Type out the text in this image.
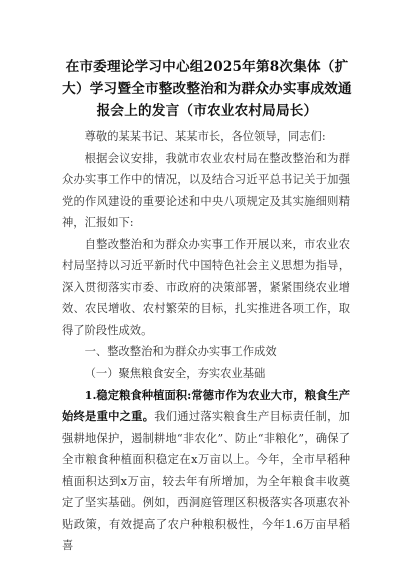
在市委理论学习中心组2025年第8次集体（扩大）学习暨全市整改整治和为群众办实事成效通报会上的发言（市农业农村局局长）

尊敬的某某书记、某某市长，各位领导，同志们:

根据会议安排，我就市农业农村局在整改整治和为群众办实事工作中的情况，以及结合习近平总书记关于加强党的作风建设的重要论述和中央八项规定及其实施细则精神，汇报如下:

自整改整治和为群众办实事工作开展以来，市农业农村局坚持以习近平新时代中国特色社会主义思想为指导，深入贯彻落实市委、市政府的决策部署，紧紧围绕农业增效、农民增收、农村繁荣的目标，扎实推进各项工作，取得了阶段性成效。

一、整改整治和为群众办实事工作成效

（一）聚焦粮食安全，夯实农业基础

1.稳定粮食种植面积:常德市作为农业大市，粮食生产始终是重中之重。我们通过落实粮食生产目标责任制，加强耕地保护，遏制耕地“非农化”、防止“非粮化”，确保了全市粮食种植面积稳定在x万亩以上。今年，全市早稻种植面积达到x万亩，较去年有所增加，为全年粮食丰收奠定了坚实基础。例如，西洞庭管理区积极落实各项惠农补贴政策，有效提高了农户种粮积极性，今年1.6万亩早稻喜
